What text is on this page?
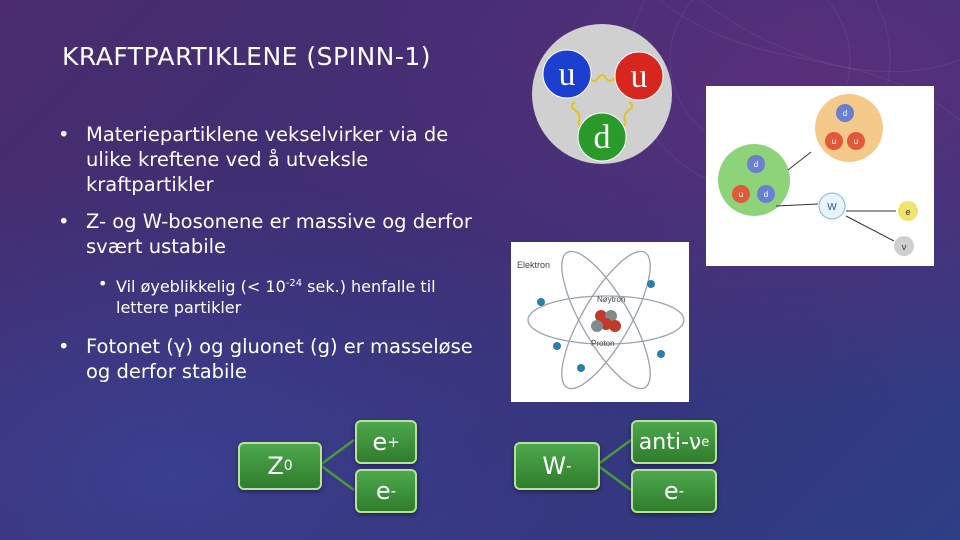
KRAFTPARTIKLENE (SPINN-1)
• Materiepartiklene vekselvirker via de ulike kreftene ved å utveksle kraftpartikler
• Z- og W-bosonene er massive og derfor svært ustabile
• Vil øyeblikkelig (< $10^{-24}$ sek.) henfalle til lettere partikler
• Fotonet (γ) og gluonet (g) er masseløse og derfor stabile
Z 0
e +
e -
W -
anti-ν e
e -
u u
d
d
u u
d
u	d
W	e
ν
Elektron
Nøytron
Proton
